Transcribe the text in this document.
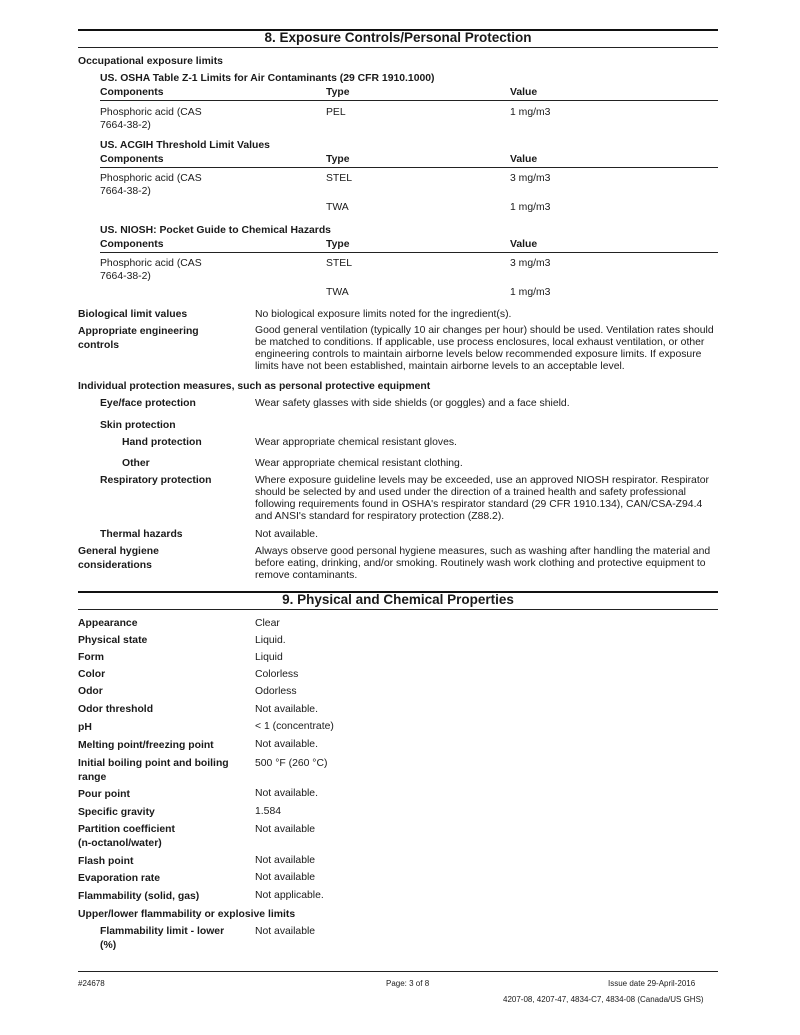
8. Exposure Controls/Personal Protection
Occupational exposure limits
US. OSHA Table Z-1 Limits for Air Contaminants (29 CFR 1910.1000)
Components	Type	Value
Phosphoric acid (CAS
7664-38-2)
PEL	1 mg/m3
US. ACGIH Threshold Limit Values
Components	Type	Value
Phosphoric acid (CAS
7664-38-2)
STEL	3 mg/m3
TWA	1 mg/m3
US. NIOSH: Pocket Guide to Chemical Hazards
Components	Type	Value
Phosphoric acid (CAS
7664-38-2)
STEL	3 mg/m3
TWA	1 mg/m3
Biological limit values	No biological exposure limits noted for the ingredient(s).
Appropriate engineering
controls
Good general ventilation (typically 10 air changes per hour) should be used. Ventilation rates should be matched to conditions. If applicable, use process enclosures, local exhaust ventilation, or other engineering controls to maintain airborne levels below recommended exposure limits. If exposure limits have not been established, maintain airborne levels to an acceptable level.
Individual protection measures, such as personal protective equipment
Eye/face protection	Wear safety glasses with side shields (or goggles) and a face shield.
Skin protection
Hand protection	Wear appropriate chemical resistant gloves.
Other	Wear appropriate chemical resistant clothing.
Respiratory protection	Where exposure guideline levels may be exceeded, use an approved NIOSH respirator. Respirator should be selected by and used under the direction of a trained health and safety professional following requirements found in OSHA's respirator standard (29 CFR 1910.134), CAN/CSA-Z94.4 and ANSI's standard for respiratory protection (Z88.2).
Thermal hazards	Not available.
General hygiene
considerations
Always observe good personal hygiene measures, such as washing after handling the material and before eating, drinking, and/or smoking. Routinely wash work clothing and protective equipment to remove contaminants.
9. Physical and Chemical Properties
Appearance	Clear
Physical state	Liquid.
Form	Liquid
Color	Colorless
Odor	Odorless
Odor threshold	Not available.
pH	< 1 (concentrate)
Melting point/freezing point	Not available.
Initial boiling point and boiling
range
500 °F (260 °C)
Pour point	Not available.
Specific gravity	1.584
Partition coefficient
(n-octanol/water)
Not available
Flash point	Not available
Evaporation rate	Not available
Flammability (solid, gas)	Not applicable.
Upper/lower flammability or explosive limits
Flammability limit - lower
(%)
Not available
#24678	Page: 3 of 8	Issue date 29-April-2016
4207-08, 4207-47, 4834-C7, 4834-08 (Canada/US GHS)
